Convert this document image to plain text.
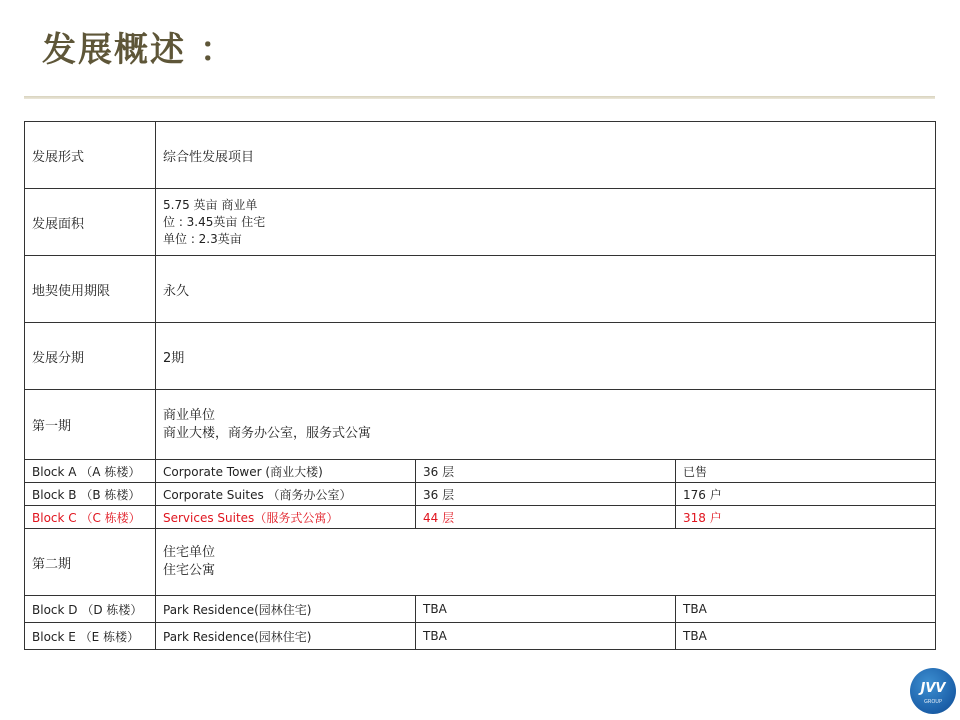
发展概述 ：
发展形式	综合性发展项目		

发展面积	5.75 英亩 商业单
位 : 3.45英亩 住宅
单位 : 2.3英亩		

地契使用期限	永久		

发展分期	2期		

第一期	商业单位
商业大楼，商务办公室，服务式公寓		

Block A （A 栋楼）	Corporate Tower (商业大楼)	36 层	已售
Block B （B 栋楼）	Corporate Suites （商务办公室）	36 层	176 户
Block C （C 栋楼）	Services Suites（服务式公寓）	44 层	318 户
第二期	住宅单位
住宅公寓		

Block D （D 栋楼）	Park Residence(园林住宅)	TBA	TBA
Block E （E 栋楼）	Park Residence(园林住宅)	TBA	TBA
JVV
GROUP
